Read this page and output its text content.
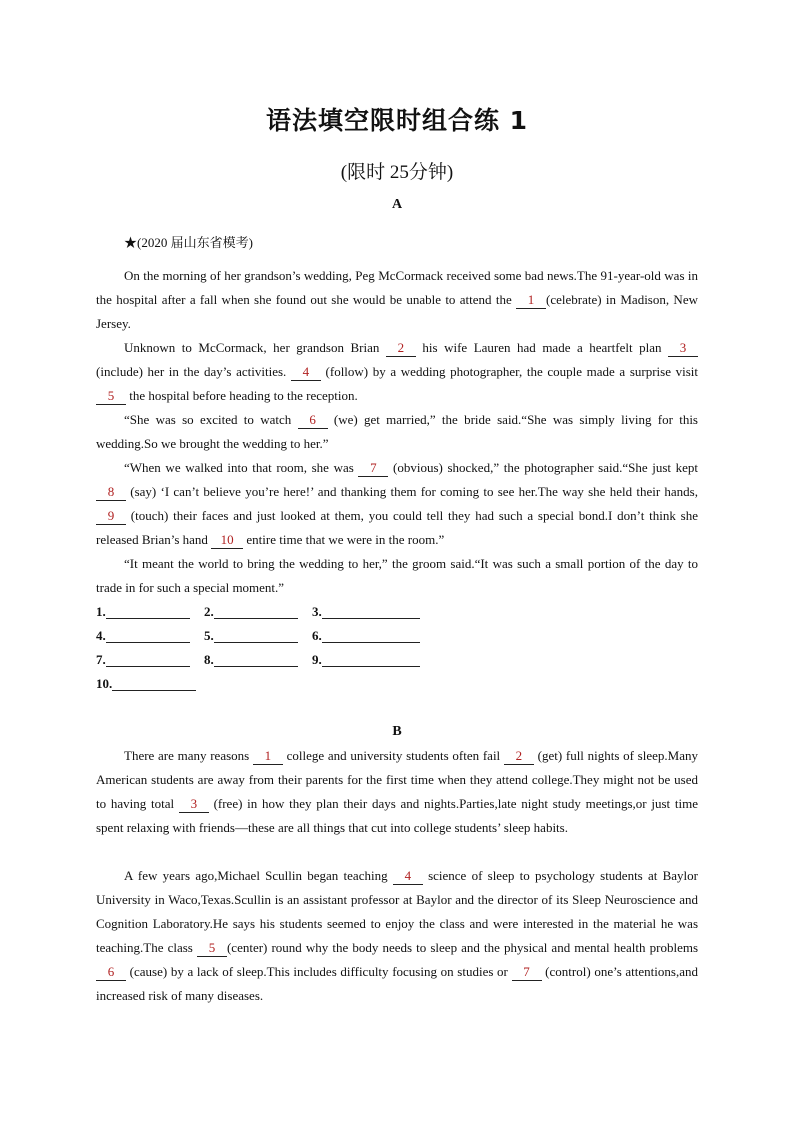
语法填空限时组合练 1
(限时 25分钟)
A
★(2020 届山东省模考)

On the morning of her grandson’s wedding, Peg McCormack received some bad news.The 91-year-old was in the hospital after a fall when she found out she would be unable to attend the 1 (celebrate) in Madison, New Jersey.

Unknown to McCormack, her grandson Brian 2 his wife Lauren had made a heartfelt plan 3 (include) her in the day’s activities. 4 (follow) by a wedding photographer, the couple made a surprise visit 5 the hospital before heading to the reception.

“She was so excited to watch 6 (we) get married,” the bride said.“She was simply living for this wedding.So we brought the wedding to her.”

“When we walked into that room, she was 7 (obvious) shocked,” the photographer said.“She just kept 8 (say) ‘I can’t believe you’re here!’ and thanking them for coming to see her.The way she held their hands, 9 (touch) their faces and just looked at them, you could tell they had such a special bond.I don’t think she released Brian’s hand 10 entire time that we were in the room.”

“It meant the world to bring the wedding to her,” the groom said.“It was such a small portion of the day to trade in for such a special moment.”

1.	2.	3.
4.	5.	6.
7.	8.	9.
10.
B

There are many reasons 1 college and university students often fail 2 (get) full nights of sleep.Many American students are away from their parents for the first time when they attend college.They might not be used to having total 3 (free) in how they plan their days and nights.Parties,late night study meetings,or just time spent relaxing with friends—these are all things that cut into college students’ sleep habits.

A few years ago,Michael Scullin began teaching 4 science of sleep to psychology students at Baylor University in Waco,Texas.Scullin is an assistant professor at Baylor and the director of its Sleep Neuroscience and Cognition Laboratory.He says his students seemed to enjoy the class and were interested in the material he was teaching.The class 5 (center) round why the body needs to sleep and the physical and mental health problems 6 (cause) by a lack of sleep.This includes difficulty focusing on studies or 7 (control) one’s attentions,and increased risk of many diseases.
